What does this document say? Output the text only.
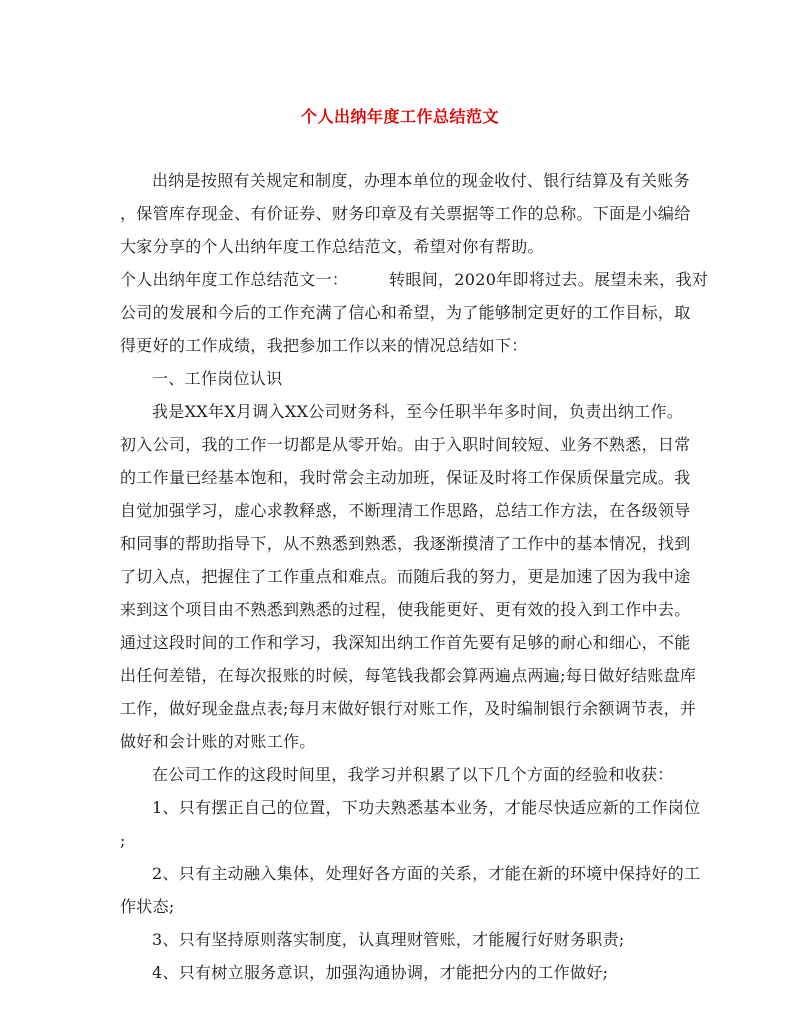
个人出纳年度工作总结范文
出纳是按照有关规定和制度，办理本单位的现金收付、银行结算及有关账务
，保管库存现金、有价证券、财务印章及有关票据等工作的总称。下面是小编给
大家分享的个人出纳年度工作总结范文，希望对你有帮助。
个人出纳年度工作总结范文一：　　　转眼间，2020年即将过去。展望未来，我对
公司的发展和今后的工作充满了信心和希望，为了能够制定更好的工作目标，取
得更好的工作成绩，我把参加工作以来的情况总结如下：
一、工作岗位认识
我是XX年X月调入XX公司财务科，至今任职半年多时间，负责出纳工作。
初入公司，我的工作一切都是从零开始。由于入职时间较短、业务不熟悉，日常
的工作量已经基本饱和，我时常会主动加班，保证及时将工作保质保量完成。我
自觉加强学习，虚心求教释惑，不断理清工作思路，总结工作方法，在各级领导
和同事的帮助指导下，从不熟悉到熟悉，我逐渐摸清了工作中的基本情况，找到
了切入点，把握住了工作重点和难点。而随后我的努力，更是加速了因为我中途
来到这个项目由不熟悉到熟悉的过程，使我能更好、更有效的投入到工作中去。
通过这段时间的工作和学习，我深知出纳工作首先要有足够的耐心和细心，不能
出任何差错，在每次报账的时候，每笔钱我都会算两遍点两遍;每日做好结账盘库
工作，做好现金盘点表;每月末做好银行对账工作，及时编制银行余额调节表，并
做好和会计账的对账工作。
在公司工作的这段时间里，我学习并积累了以下几个方面的经验和收获：
1、只有摆正自己的位置，下功夫熟悉基本业务，才能尽快适应新的工作岗位
;
2、只有主动融入集体，处理好各方面的关系，才能在新的环境中保持好的工
作状态;
3、只有坚持原则落实制度，认真理财管账，才能履行好财务职责;
4、只有树立服务意识，加强沟通协调，才能把分内的工作做好;
